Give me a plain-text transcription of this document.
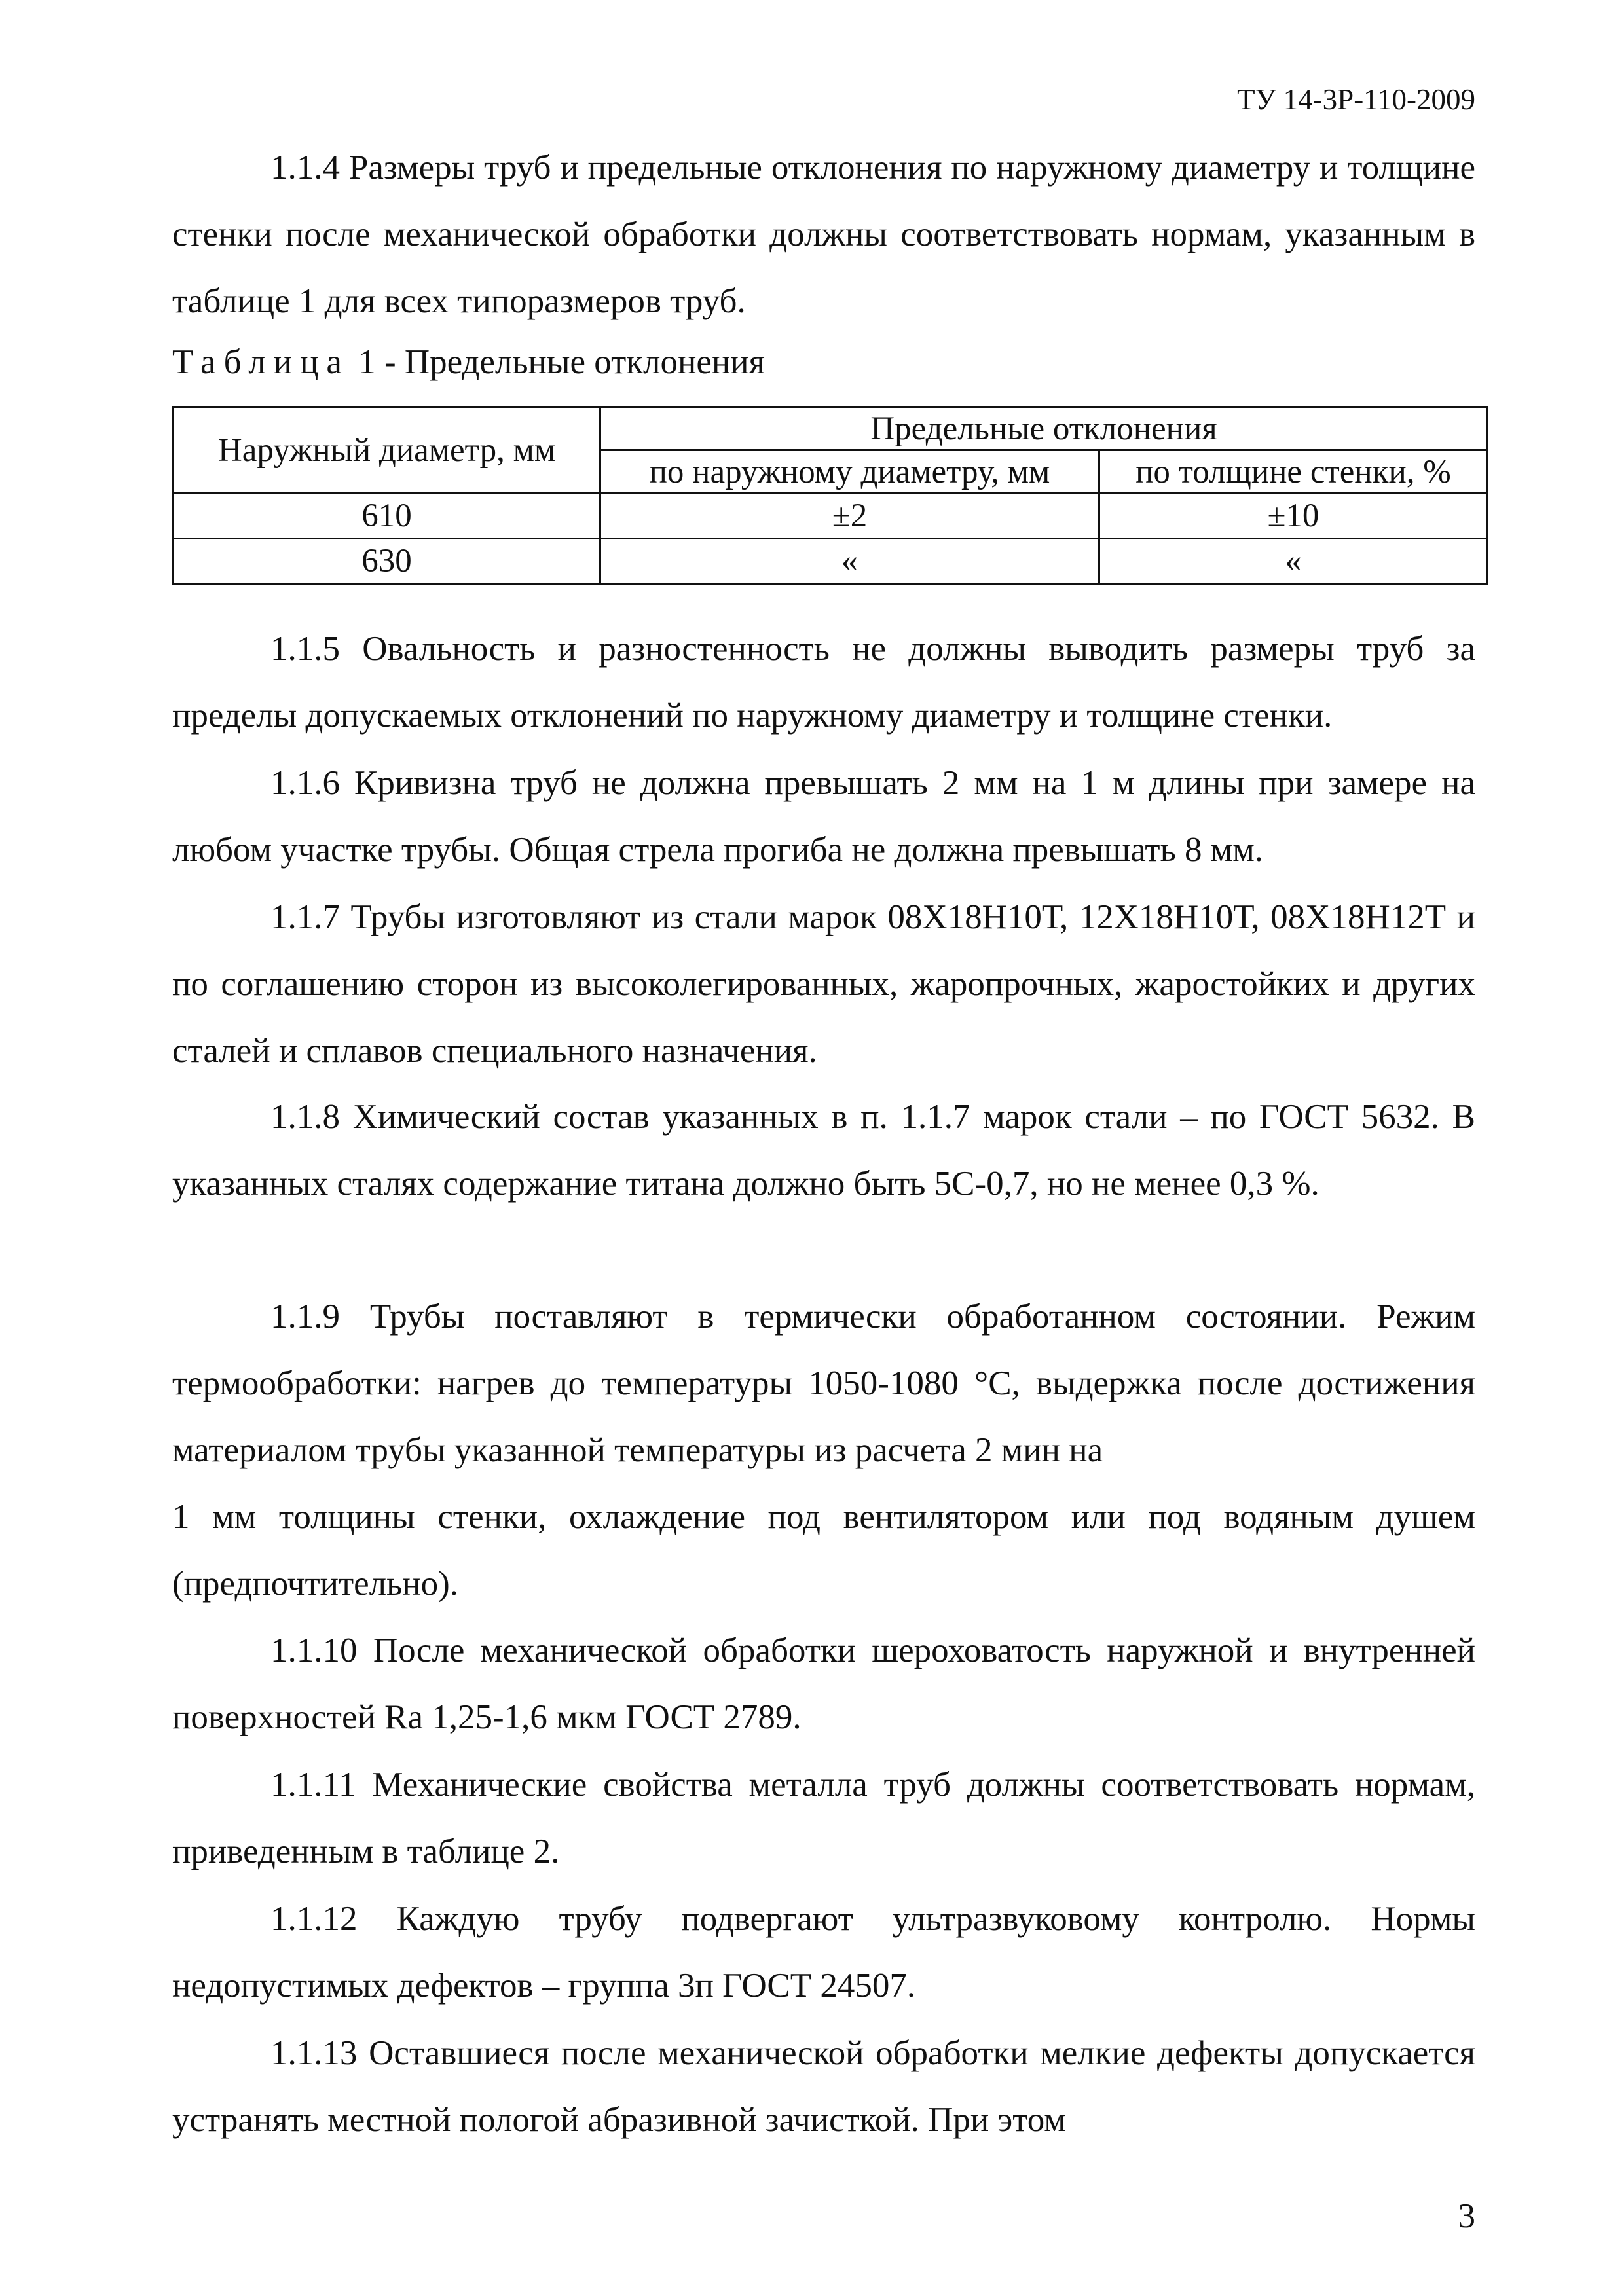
ТУ 14-3Р-110-2009

1.1.4 Размеры труб и предельные отклонения по наружному диаметру и толщине стенки после механической обработки должны соответствовать нормам, указанным в таблице 1 для всех типоразмеров труб.

Таблица 1 - Предельные отклонения
Наружный диаметр, мм	Предельные отклонения	
	по наружному диаметру, мм	по толщине стенки, %
610	±2	±10
630	«	«

1.1.5 Овальность и разностенность не должны выводить размеры труб за пределы допускаемых отклонений по наружному диаметру и толщине стенки.

1.1.6 Кривизна труб не должна превышать 2 мм на 1 м длины при замере на любом участке трубы. Общая стрела прогиба не должна превышать 8 мм.

1.1.7 Трубы изготовляют из стали марок 08Х18Н10Т, 12Х18Н10Т, 08Х18Н12Т и по соглашению сторон из высоколегированных, жаропрочных, жаростойких и других сталей и сплавов специального назначения.

1.1.8 Химический состав указанных в п. 1.1.7 марок стали – по ГОСТ 5632. В указанных сталях содержание титана должно быть 5С-0,7, но не менее 0,3 %.

1.1.9 Трубы поставляют в термически обработанном состоянии. Режим термообработки: нагрев до температуры 1050-1080 °С, выдержка после достижения материалом трубы указанной температуры из расчета 2 мин на

1 мм толщины стенки, охлаждение под вентилятором или под водяным душем (предпочтительно).

1.1.10 После механической обработки шероховатость наружной и внутренней поверхностей Ra 1,25-1,6 мкм ГОСТ 2789.

1.1.11 Механические свойства металла труб должны соответствовать нормам, приведенным в таблице 2.

1.1.12 Каждую трубу подвергают ультразвуковому контролю. Нормы недопустимых дефектов – группа 3п ГОСТ 24507.

1.1.13 Оставшиеся после механической обработки мелкие дефекты допускается устранять местной пологой абразивной зачисткой. При этом

3
